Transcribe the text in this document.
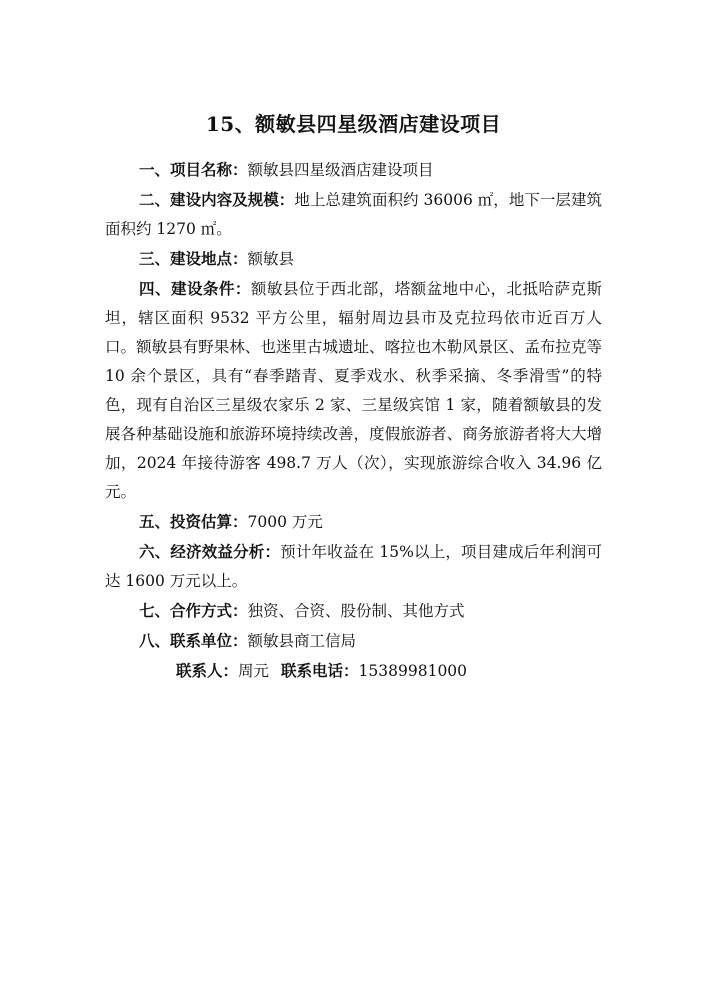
15、额敏县四星级酒店建设项目

一、项目名称：额敏县四星级酒店建设项目

二、建设内容及规模：地上总建筑面积约 36006 ㎡，地下一层建筑面积约 1270 ㎡。

三、建设地点：额敏县

四、建设条件：额敏县位于西北部，塔额盆地中心，北抵哈萨克斯坦，辖区面积 9532 平方公里，辐射周边县市及克拉玛依市近百万人口。额敏县有野果林、也迷里古城遗址、喀拉也木勒风景区、孟布拉克等 10 余个景区，具有“春季踏青、夏季戏水、秋季采摘、冬季滑雪”的特色，现有自治区三星级农家乐 2 家、三星级宾馆 1 家，随着额敏县的发展各种基础设施和旅游环境持续改善，度假旅游者、商务旅游者将大大增加，2024 年接待游客 498.7 万人（次），实现旅游综合收入 34.96 亿元。

五、投资估算：7000 万元

六、经济效益分析：预计年收益在 15%以上，项目建成后年利润可达 1600 万元以上。

七、合作方式：独资、合资、股份制、其他方式

八、联系单位：额敏县商工信局

联系人：周元 联系电话：15389981000
